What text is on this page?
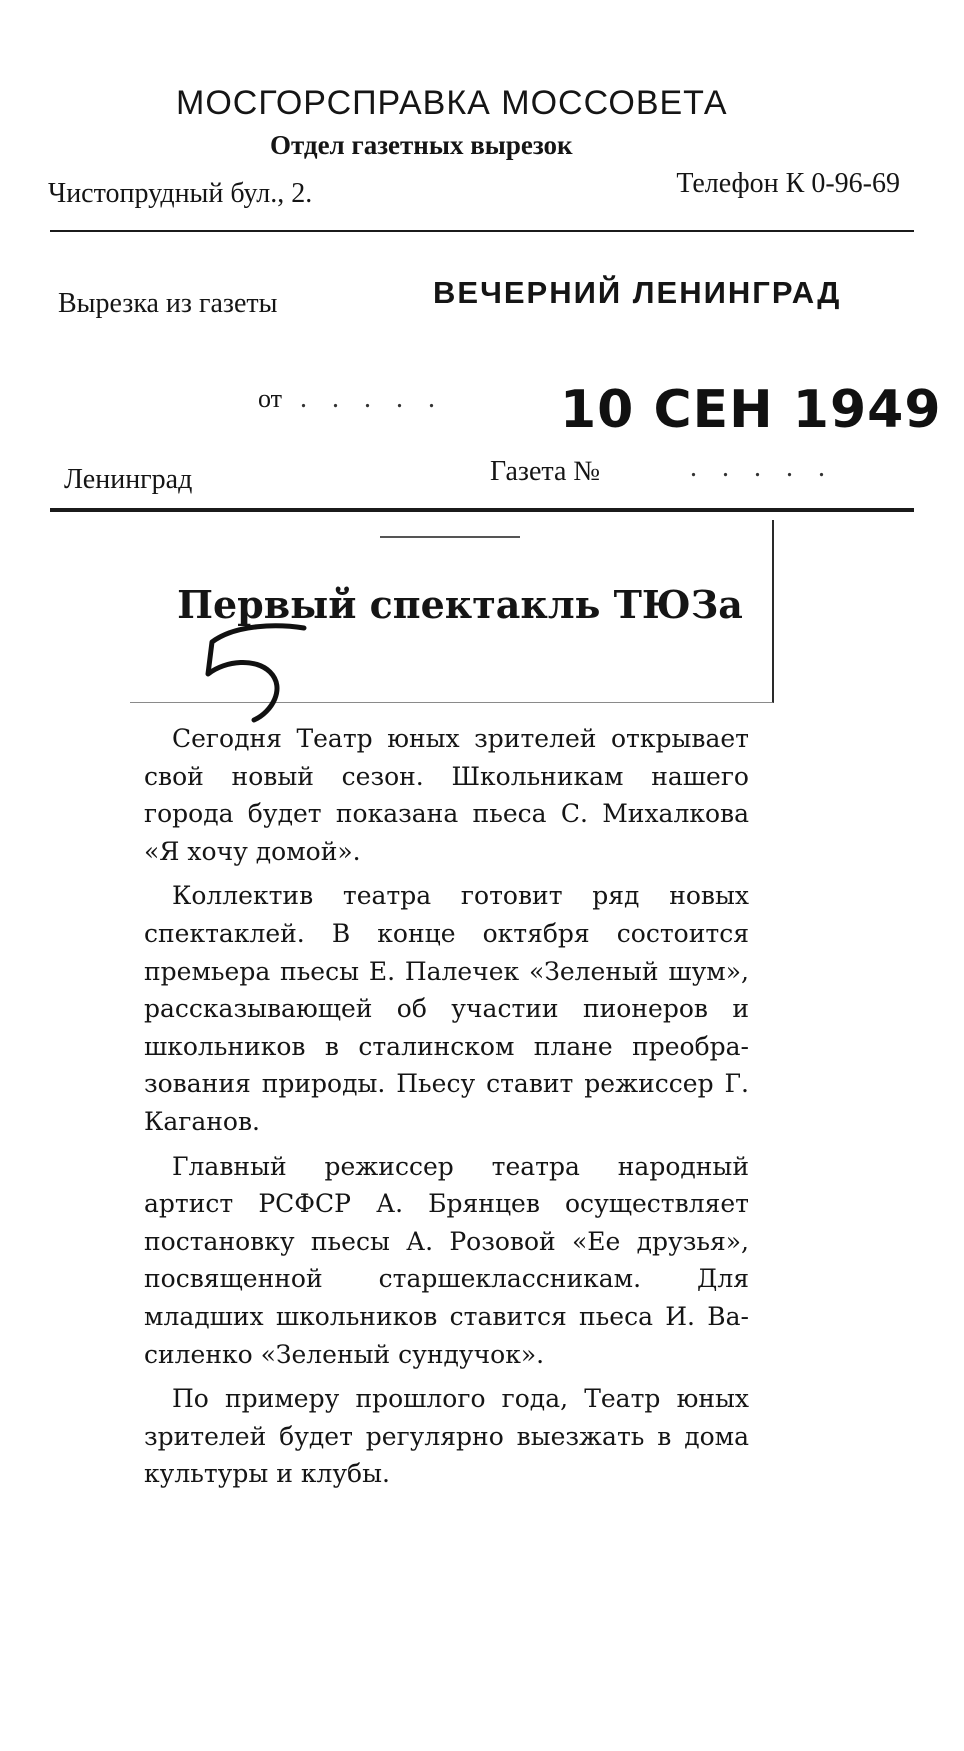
МОСГОРСПРАВКА МОССОВЕТА
Отдел газетных вырезок
Чистопрудный бул., 2.	Телефон К 0-96-69
Вырезка из газеты	ВЕЧЕРНИЙ ЛЕНИНГРАД
от . . . . . 10 СЕН 1949
Ленинград	Газета №	. . . . .
Первый спектакль ТЮЗа

Сегодня Театр юных зрителей открывает свой новый сезон. Школьникам нашего города будет показана пьеса С. Михалкова «Я хочу домой».

Коллектив театра готовит ряд новых спектаклей. В конце октября состоится премьера пьесы Е. Палечек «Зеленый шум», рассказывающей об участии пионеров и школьников в сталинском плане преобразования природы. Пьесу ставит режиссер Г. Каганов.

Главный режиссер театра народный артист РСФСР А. Брянцев осуществляет постановку пьесы А. Розовой «Ее друзья», посвященной старшеклассникам. Для младших школьников ставится пьеса И. Василенко «Зеленый сундучок».

По примеру прошлого года, Театр юных зрителей будет регулярно выезжать в дома культуры и клубы.
